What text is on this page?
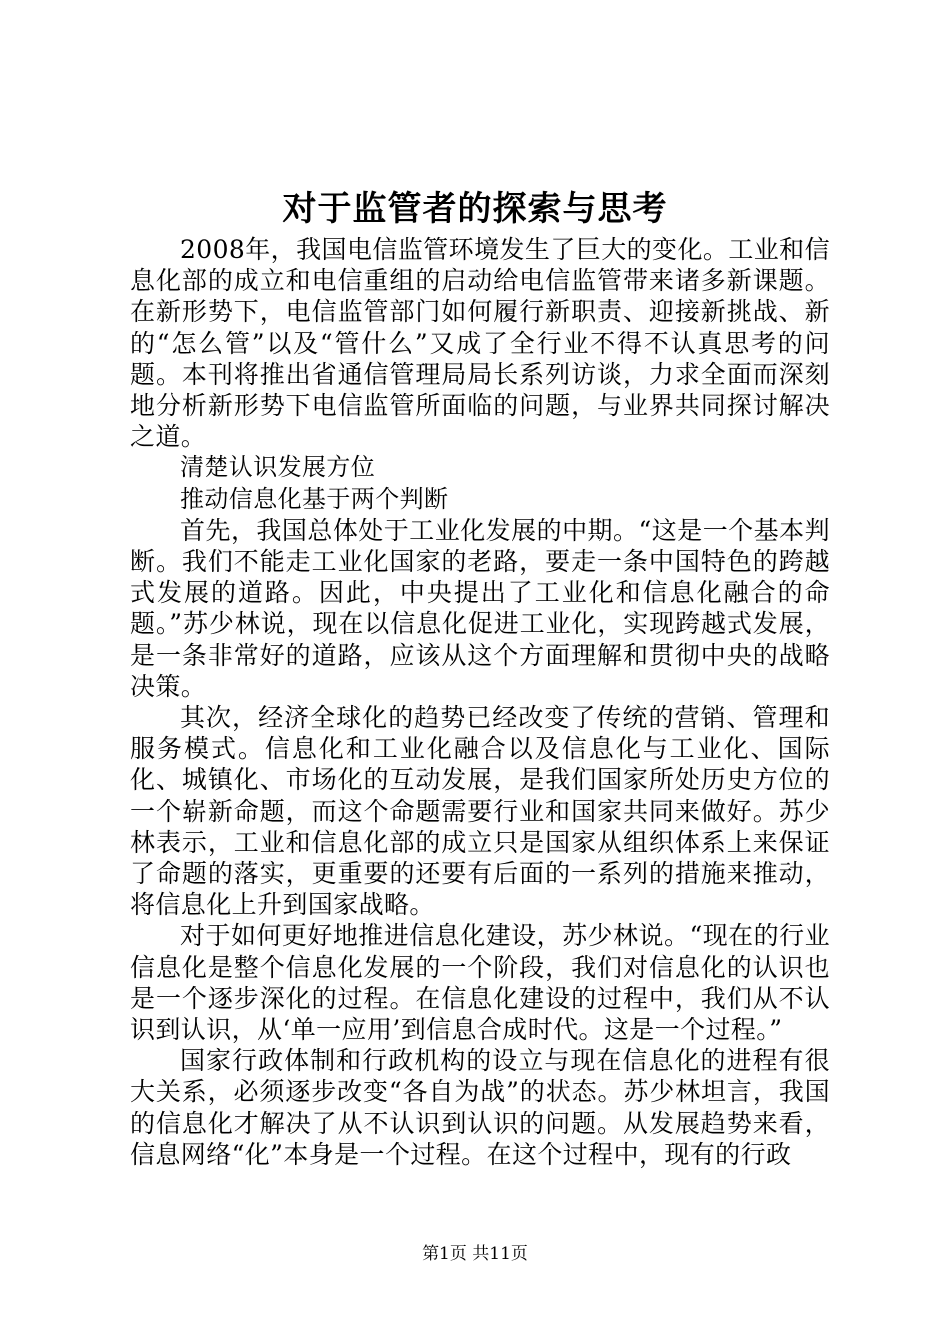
对于监管者的探索与思考

2008年，我国电信监管环境发生了巨大的变化。工业和信息化部的成立和电信重组的启动给电信监管带来诸多新课题。在新形势下，电信监管部门如何履行新职责、迎接新挑战、新的“怎么管”以及“管什么”又成了全行业不得不认真思考的问题。本刊将推出省通信管理局局长系列访谈，力求全面而深刻地分析新形势下电信监管所面临的问题，与业界共同探讨解决之道。

清楚认识发展方位

推动信息化基于两个判断

首先，我国总体处于工业化发展的中期。“这是一个基本判断。我们不能走工业化国家的老路，要走一条中国特色的跨越式发展的道路。因此，中央提出了工业化和信息化融合的命题。”苏少林说，现在以信息化促进工业化，实现跨越式发展，是一条非常好的道路，应该从这个方面理解和贯彻中央的战略决策。

其次，经济全球化的趋势已经改变了传统的营销、管理和服务模式。信息化和工业化融合以及信息化与工业化、国际化、城镇化、市场化的互动发展，是我们国家所处历史方位的一个崭新命题，而这个命题需要行业和国家共同来做好。苏少林表示，工业和信息化部的成立只是国家从组织体系上来保证了命题的落实，更重要的还要有后面的一系列的措施来推动，将信息化上升到国家战略。

对于如何更好地推进信息化建设，苏少林说。“现在的行业信息化是整个信息化发展的一个阶段，我们对信息化的认识也是一个逐步深化的过程。在信息化建设的过程中，我们从不认识到认识，从‘单一应用’到信息合成时代。这是一个过程。”

国家行政体制和行政机构的设立与现在信息化的进程有很大关系，必须逐步改变“各自为战”的状态。苏少林坦言，我国的信息化才解决了从不认识到认识的问题。从发展趋势来看，信息网络“化”本身是一个过程。在这个过程中，现有的行政

第1页 共11页
